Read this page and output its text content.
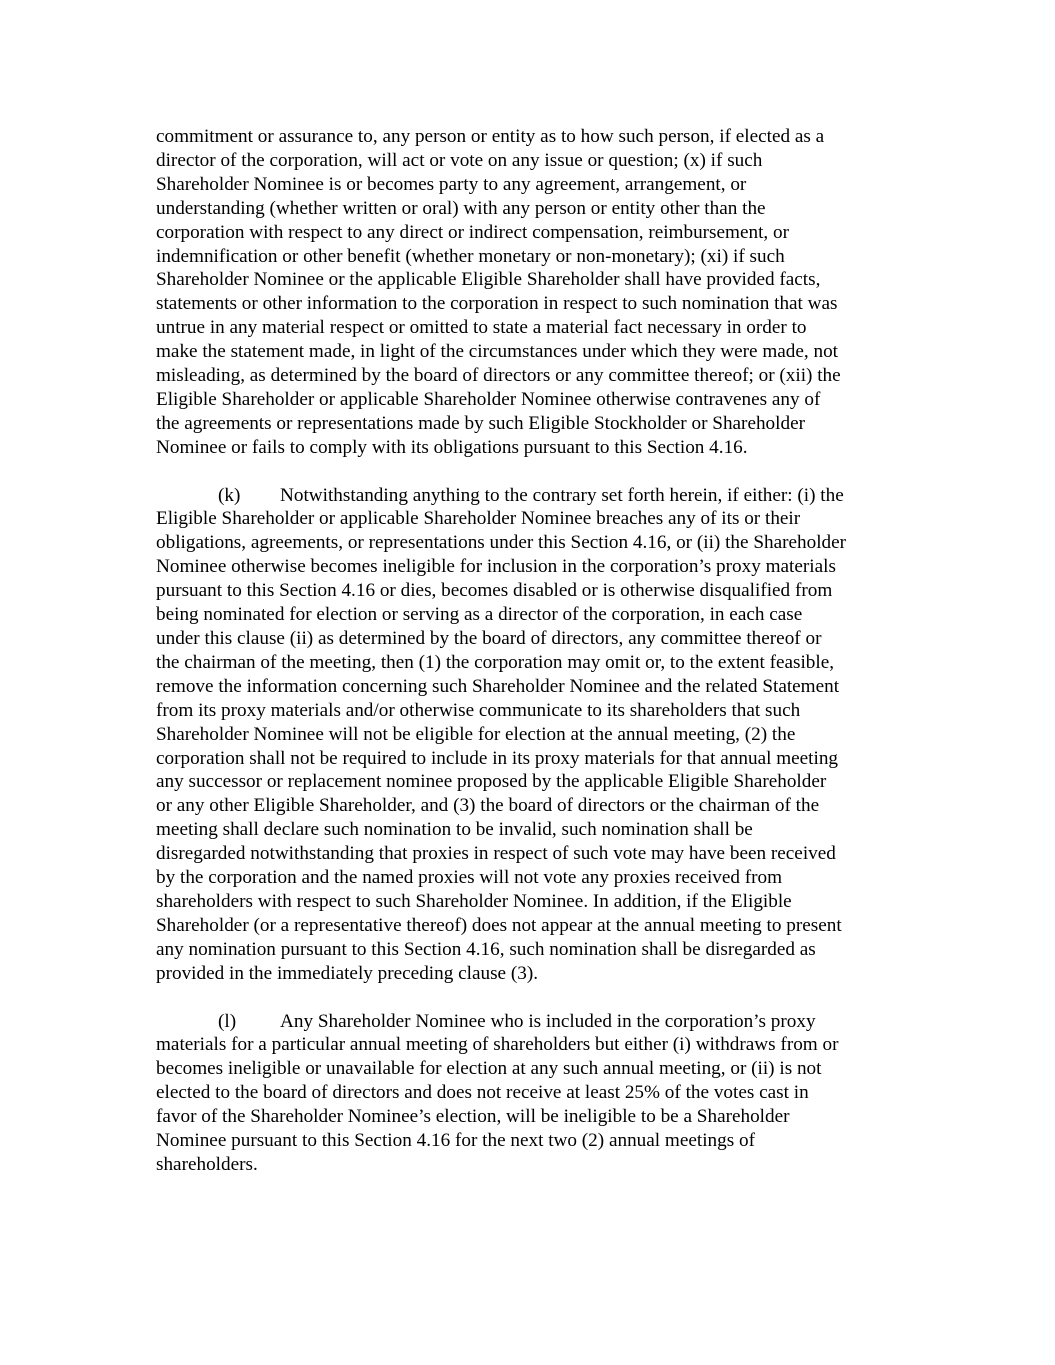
commitment or assurance to, any person or entity as to how such person, if elected as a
director of the corporation, will act or vote on any issue or question; (x) if such
Shareholder Nominee is or becomes party to any agreement, arrangement, or
understanding (whether written or oral) with any person or entity other than the
corporation with respect to any direct or indirect compensation, reimbursement, or
indemnification or other benefit (whether monetary or non-monetary); (xi) if such
Shareholder Nominee or the applicable Eligible Shareholder shall have provided facts,
statements or other information to the corporation in respect to such nomination that was
untrue in any material respect or omitted to state a material fact necessary in order to
make the statement made, in light of the circumstances under which they were made, not
misleading, as determined by the board of directors or any committee thereof; or (xii) the
Eligible Shareholder or applicable Shareholder Nominee otherwise contravenes any of
the agreements or representations made by such Eligible Stockholder or Shareholder
Nominee or fails to comply with its obligations pursuant to this Section 4.16.

(k) Notwithstanding anything to the contrary set forth herein, if either: (i) the
Eligible Shareholder or applicable Shareholder Nominee breaches any of its or their
obligations, agreements, or representations under this Section 4.16, or (ii) the Shareholder
Nominee otherwise becomes ineligible for inclusion in the corporation’s proxy materials
pursuant to this Section 4.16 or dies, becomes disabled or is otherwise disqualified from
being nominated for election or serving as a director of the corporation, in each case
under this clause (ii) as determined by the board of directors, any committee thereof or
the chairman of the meeting, then (1) the corporation may omit or, to the extent feasible,
remove the information concerning such Shareholder Nominee and the related Statement
from its proxy materials and/or otherwise communicate to its shareholders that such
Shareholder Nominee will not be eligible for election at the annual meeting, (2) the
corporation shall not be required to include in its proxy materials for that annual meeting
any successor or replacement nominee proposed by the applicable Eligible Shareholder
or any other Eligible Shareholder, and (3) the board of directors or the chairman of the
meeting shall declare such nomination to be invalid, such nomination shall be
disregarded notwithstanding that proxies in respect of such vote may have been received
by the corporation and the named proxies will not vote any proxies received from
shareholders with respect to such Shareholder Nominee. In addition, if the Eligible
Shareholder (or a representative thereof) does not appear at the annual meeting to present
any nomination pursuant to this Section 4.16, such nomination shall be disregarded as
provided in the immediately preceding clause (3).

(l) Any Shareholder Nominee who is included in the corporation’s proxy
materials for a particular annual meeting of shareholders but either (i) withdraws from or
becomes ineligible or unavailable for election at any such annual meeting, or (ii) is not
elected to the board of directors and does not receive at least 25% of the votes cast in
favor of the Shareholder Nominee’s election, will be ineligible to be a Shareholder
Nominee pursuant to this Section 4.16 for the next two (2) annual meetings of
shareholders.
